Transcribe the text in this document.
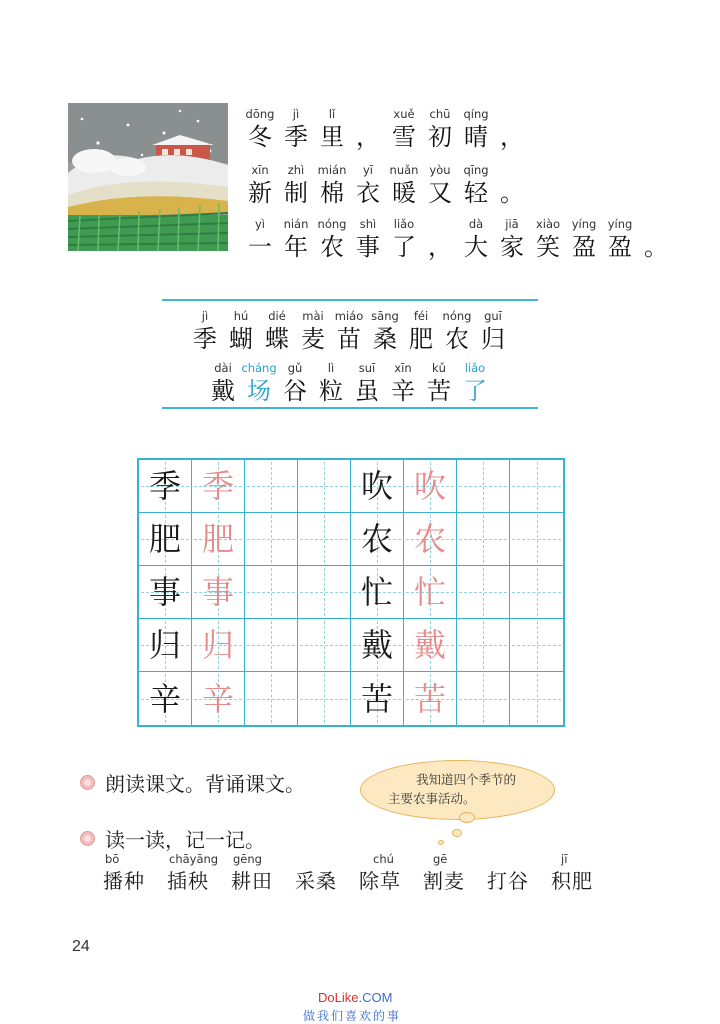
dōng
冬
jì
季
lǐ
里 ，
xuě
雪
chū
初
qíng
晴 ，
xīn
新
zhì
制
mián
棉
yī
衣
nuǎn
暖
yòu
又
qīng
轻 。
yì
一
nián
年
nóng
农
shì
事
liǎo
了 ，
dà
大
jiā
家
xiào
笑
yíng
盈
yíng
盈 。
jì
季
hú
蝴
dié
蝶
mài
麦
miáo
苗
sāng
桑
féi
肥
nóng
农
guī
归
dài
戴
cháng
场
gǔ
谷
lì
粒
suī
虽
xīn
辛
kǔ
苦
liǎo
了
季 季	吹 吹
肥 肥	农 农
事 事	忙 忙
归 归	戴 戴
辛 辛	苦 苦
朗读课文。背诵课文。	我知道四个季节的
主要农事活动。
读一读，记一记。
bō
播种
chāyāng
插秧
gēng
耕田 采桑
chú
除草
gē
割麦 打谷
jī
积肥
24
DoLike.COM
做我们喜欢的事
